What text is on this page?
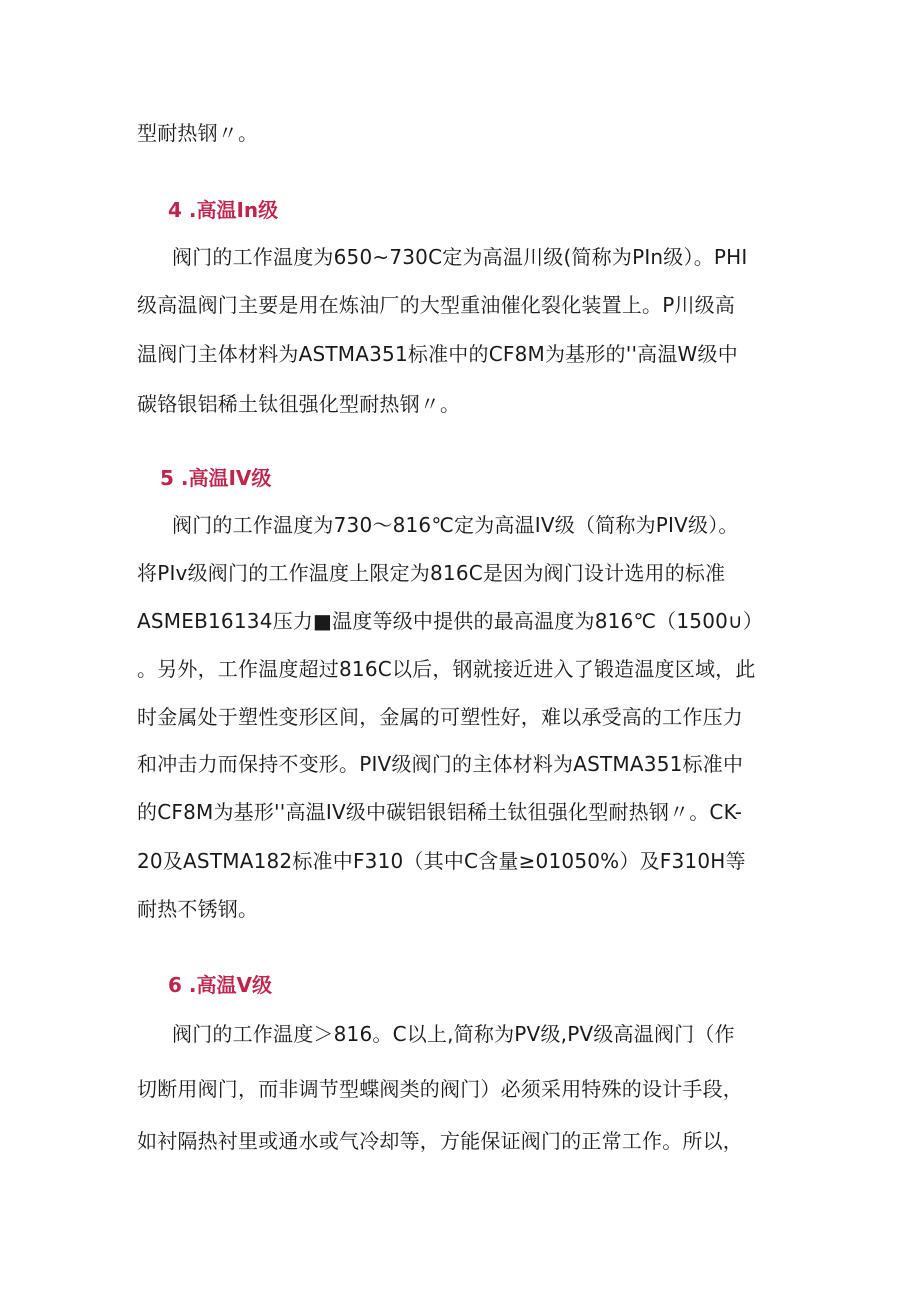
型耐热钢〃。
4 .高温In级
阀门的工作温度为650~730C定为高温川级(简称为PIn级）。PHI
级高温阀门主要是用在炼油厂的大型重油催化裂化装置上。P川级高
温阀门主体材料为ASTMA351标准中的CF8M为基形的''高温W级中
碳铬银铝稀土钛徂强化型耐热钢〃。
5 .高温IV级
阀门的工作温度为730～816℃定为高温IV级（简称为PIV级）。
将PIv级阀门的工作温度上限定为816C是因为阀门设计选用的标准
ASMEB16134压力■温度等级中提供的最高温度为816℃（1500∪）
。另外，工作温度超过816C以后，钢就接近进入了锻造温度区域，此
时金属处于塑性变形区间，金属的可塑性好，难以承受高的工作压力
和冲击力而保持不变形。PIV级阀门的主体材料为ASTMA351标准中
的CF8M为基形''高温IV级中碳铝银铝稀土钛徂强化型耐热钢〃。CK-
20及ASTMA182标准中F310（其中C含量≥01050%）及F310H等
耐热不锈钢。
6 .高温V级
阀门的工作温度＞816。C以上,简称为PV级,PV级高温阀门（作
切断用阀门，而非调节型蝶阀类的阀门）必须采用特殊的设计手段，
如衬隔热衬里或通水或气冷却等，方能保证阀门的正常工作。所以，
